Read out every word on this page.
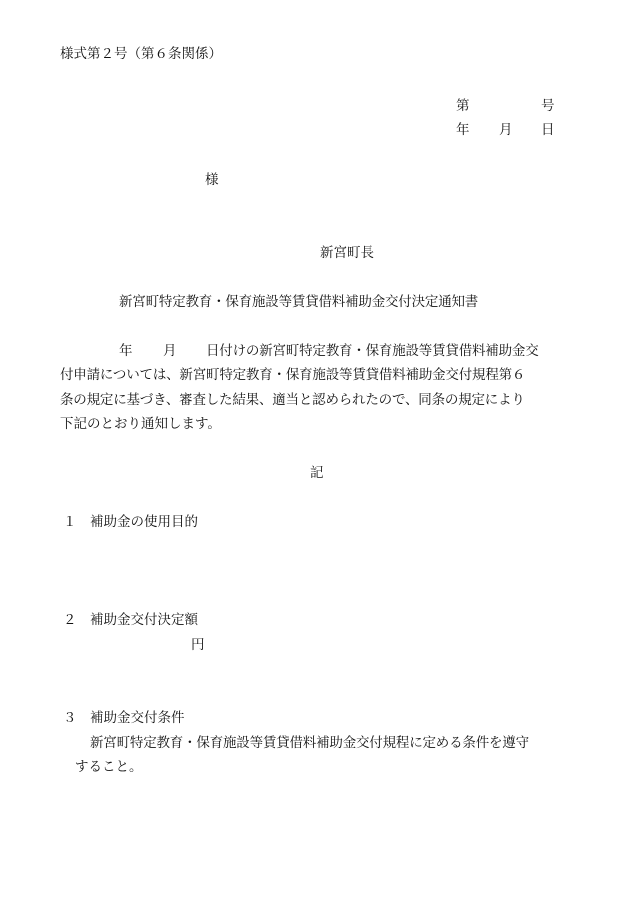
様式第２号（第６条関係）

第	号

年 月 日

様

新宮町長

新宮町特定教育・保育施設等賃貸借料補助金交付決定通知書

年 月 日付けの新宮町特定教育・保育施設等賃貸借料補助金交

付申請については、新宮町特定教育・保育施設等賃貸借料補助金交付規程第６

条の規定に基づき、審査した結果、適当と認められたので、同条の規定により

下記のとおり通知します。

記

１ 補助金の使用目的

２ 補助金交付決定額

円

３ 補助金交付条件

新宮町特定教育・保育施設等賃貸借料補助金交付規程に定める条件を遵守

すること。
